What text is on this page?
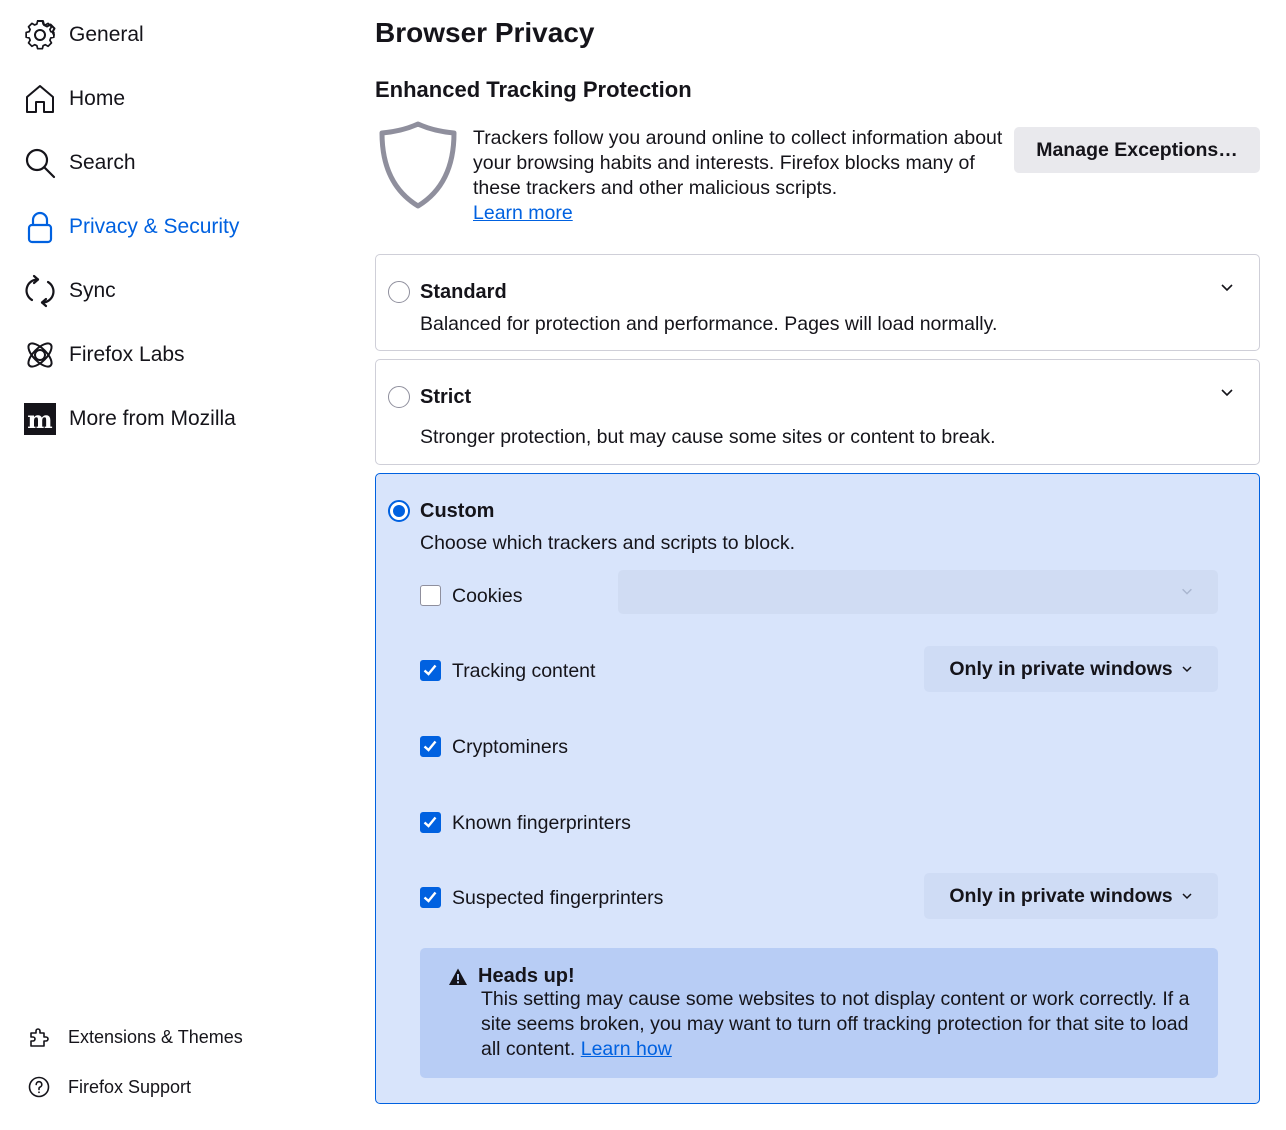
General
Home
Search
Privacy & Security
Sync
Firefox Labs
m More from Mozilla
Extensions & Themes
Firefox Support
Browser Privacy
Enhanced Tracking Protection

Trackers follow you around online to collect information about your browsing habits and interests. Firefox blocks many of these trackers and other malicious scripts.
Learn more

Manage Exceptions…
Standard
Balanced for protection and performance. Pages will load normally.
Strict
Stronger protection, but may cause some sites or content to break.
Custom
Choose which trackers and scripts to block.
Cookies
Tracking content	Only in private windows
Cryptominers
Known fingerprinters
Suspected fingerprinters	Only in private windows
Heads up!

This setting may cause some websites to not display content or work correctly. If a site seems broken, you may want to turn off tracking protection for that site to load all content. Learn how
